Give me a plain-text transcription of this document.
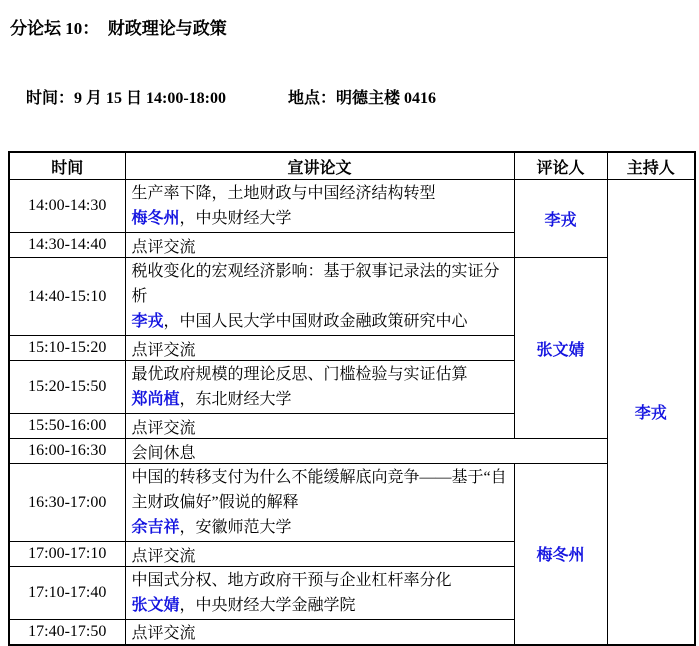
分论坛 10：  财政理论与政策

时间：9 月 15 日 14:00-18:00	地点：明德主楼 0416

时间	宣讲论文	评论人	主持人
14:00-14:30	生产率下降，土地财政与中国经济结构转型
梅冬州，中央财经大学	李戎	李戎
14:30-14:40	点评交流		
14:40-15:10	税收变化的宏观经济影响：基于叙事记录法的实证分析
李戎，中国人民大学中国财政金融政策研究中心	张文婧	
15:10-15:20	点评交流		
15:20-15:50	最优政府规模的理论反思、门槛检验与实证估算
郑尚植，东北财经大学		

15:50-16:00	点评交流		
16:00-16:30	会间休息		
16:30-17:00	中国的转移支付为什么不能缓解底向竞争——基于“自主财政偏好”假说的解释
余吉祥，安徽师范大学	梅冬州	
17:00-17:10	点评交流		
17:10-17:40	中国式分权、地方政府干预与企业杠杆率分化
张文婧，中央财经大学金融学院		

17:40-17:50	点评交流		
